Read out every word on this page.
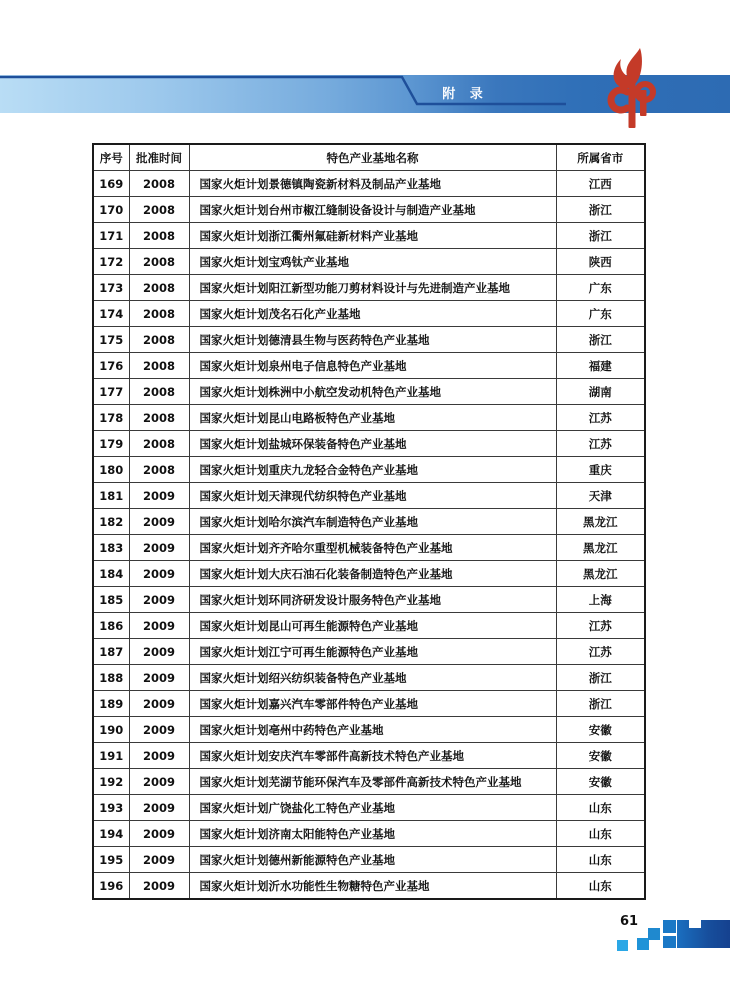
附 录
序号	批准时间	特色产业基地名称	所属省市
169	2008	国家火炬计划景德镇陶瓷新材料及制品产业基地	江西
170	2008	国家火炬计划台州市椒江缝制设备设计与制造产业基地	浙江
171	2008	国家火炬计划浙江衢州氟硅新材料产业基地	浙江
172	2008	国家火炬计划宝鸡钛产业基地	陕西
173	2008	国家火炬计划阳江新型功能刀剪材料设计与先进制造产业基地	广东
174	2008	国家火炬计划茂名石化产业基地	广东
175	2008	国家火炬计划德清县生物与医药特色产业基地	浙江
176	2008	国家火炬计划泉州电子信息特色产业基地	福建
177	2008	国家火炬计划株洲中小航空发动机特色产业基地	湖南
178	2008	国家火炬计划昆山电路板特色产业基地	江苏
179	2008	国家火炬计划盐城环保装备特色产业基地	江苏
180	2008	国家火炬计划重庆九龙轻合金特色产业基地	重庆
181	2009	国家火炬计划天津现代纺织特色产业基地	天津
182	2009	国家火炬计划哈尔滨汽车制造特色产业基地	黑龙江
183	2009	国家火炬计划齐齐哈尔重型机械装备特色产业基地	黑龙江
184	2009	国家火炬计划大庆石油石化装备制造特色产业基地	黑龙江
185	2009	国家火炬计划环同济研发设计服务特色产业基地	上海
186	2009	国家火炬计划昆山可再生能源特色产业基地	江苏
187	2009	国家火炬计划江宁可再生能源特色产业基地	江苏
188	2009	国家火炬计划绍兴纺织装备特色产业基地	浙江
189	2009	国家火炬计划嘉兴汽车零部件特色产业基地	浙江
190	2009	国家火炬计划亳州中药特色产业基地	安徽
191	2009	国家火炬计划安庆汽车零部件高新技术特色产业基地	安徽
192	2009	国家火炬计划芜湖节能环保汽车及零部件高新技术特色产业基地	安徽
193	2009	国家火炬计划广饶盐化工特色产业基地	山东
194	2009	国家火炬计划济南太阳能特色产业基地	山东
195	2009	国家火炬计划德州新能源特色产业基地	山东
196	2009	国家火炬计划沂水功能性生物糖特色产业基地	山东
61
